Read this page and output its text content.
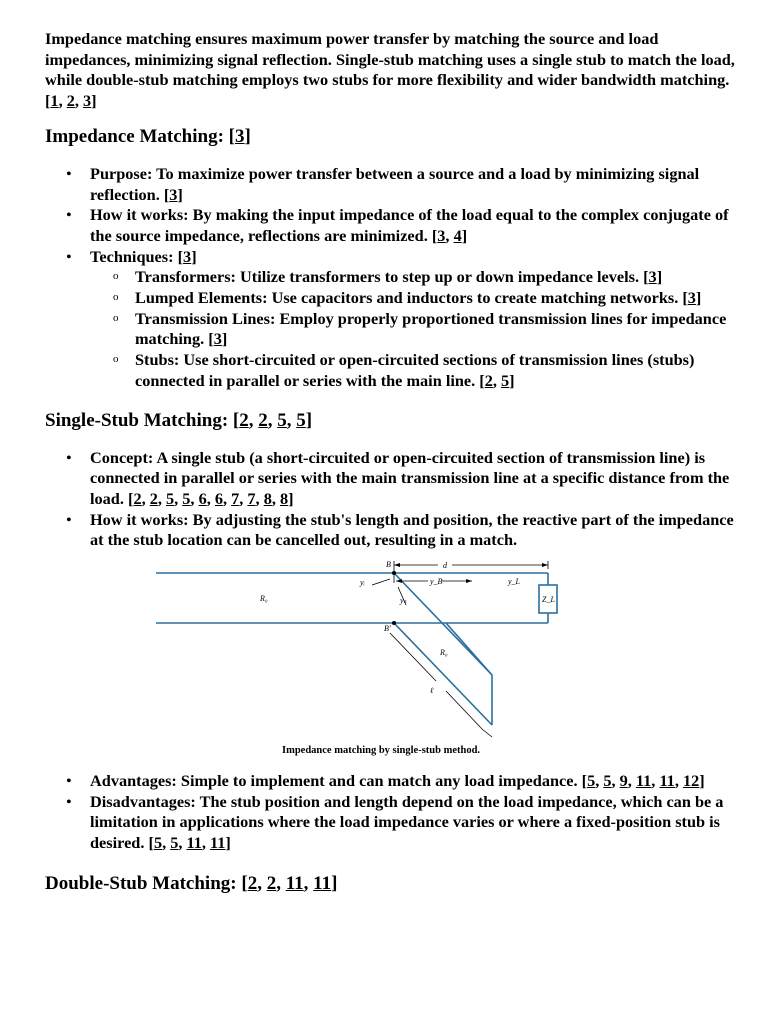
Impedance matching ensures maximum power transfer by matching the source and load impedances, minimizing signal reflection. Single-stub matching uses a single stub to match the load, while double-stub matching employs two stubs for more flexibility and wider bandwidth matching. [1, 2, 3]

Impedance Matching: [3]
• Purpose: To maximize power transfer between a source and a load by minimizing signal reflection. [3]
• How it works: By making the input impedance of the load equal to the complex conjugate of the source impedance, reflections are minimized. [3, 4]
• Techniques: [3]
o Transformers: Utilize transformers to step up or down impedance levels. [3]
o Lumped Elements: Use capacitors and inductors to create matching networks. [3]
o Transmission Lines: Employ properly proportioned transmission lines for impedance matching. [3]
o Stubs: Use short-circuited or open-circuited sections of transmission lines (stubs) connected in parallel or series with the main line. [2, 5]
Single-Stub Matching: [2, 2, 5, 5]
• Concept: A single stub (a short-circuited or open-circuited section of transmission line) is connected in parallel or series with the main transmission line at a specific distance from the load. [2, 2, 5, 5, 6, 6, 7, 7, 8, 8]
• How it works: By adjusting the stub's length and position, the reactive part of the impedance at the stub location can be cancelled out, resulting in a match.
B
B'
d
yᵢ	y_B	y_L
yₛ	Z_L
R₀
R₀
ℓ
Impedance matching by single-stub method.
• Advantages: Simple to implement and can match any load impedance. [5, 5, 9, 11, 11, 12]
• Disadvantages: The stub position and length depend on the load impedance, which can be a limitation in applications where the load impedance varies or where a fixed-position stub is desired. [5, 5, 11, 11]
Double-Stub Matching: [2, 2, 11, 11]
